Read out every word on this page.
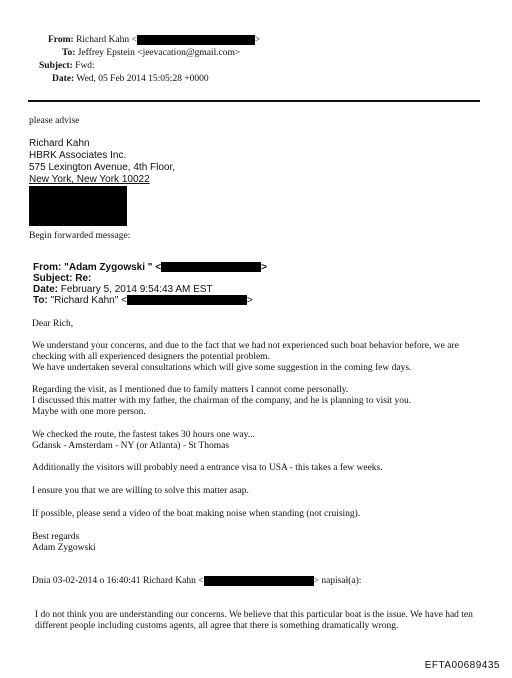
From: Richard Kahn <	>
To: Jeffrey Epstein <jeevacation@gmail.com>
Subject: Fwd:
Date: Wed, 05 Feb 2014 15:05:28 +0000
please advise
Richard Kahn
HBRK Associates Inc.
575 Lexington Avenue, 4th Floor,
New York, New York 10022
Begin forwarded message:
From: "Adam Zygowski " <	>
Subject: Re:
Date: February 5, 2014 9:54:43 AM EST
To: "Richard Kahn" <	>
Dear Rich,
We understand your concerns, and due to the fact that we had not experienced such boat behavior before, we are checking with all experienced designers the potential problem.
We have undertaken several consultations which will give some suggestion in the coming few days.
Regarding the visit, as I mentioned due to family matters I cannot come personally.
I discussed this matter with my father, the chairman of the company, and he is planning to visit you.
Maybe with one more person.
We checked the route, the fastest takes 30 hours one way...
Gdansk - Amsterdam - NY (or Atlanta) - St Thomas
Additionally the visitors will probably need a entrance visa to USA - this takes a few weeks.
I ensure you that we are willing to solve this matter asap.
If possible, please send a video of the boat making noise when standing (not cruising).
Best regards
Adam Zygowski
Dnia 03-02-2014 o 16:40:41 Richard Kahn <	> napisał(a):
I do not think you are understanding our concerns. We believe that this particular boat is the issue. We have had ten different people including customs agents, all agree that there is something dramatically wrong.
EFTA00689435
